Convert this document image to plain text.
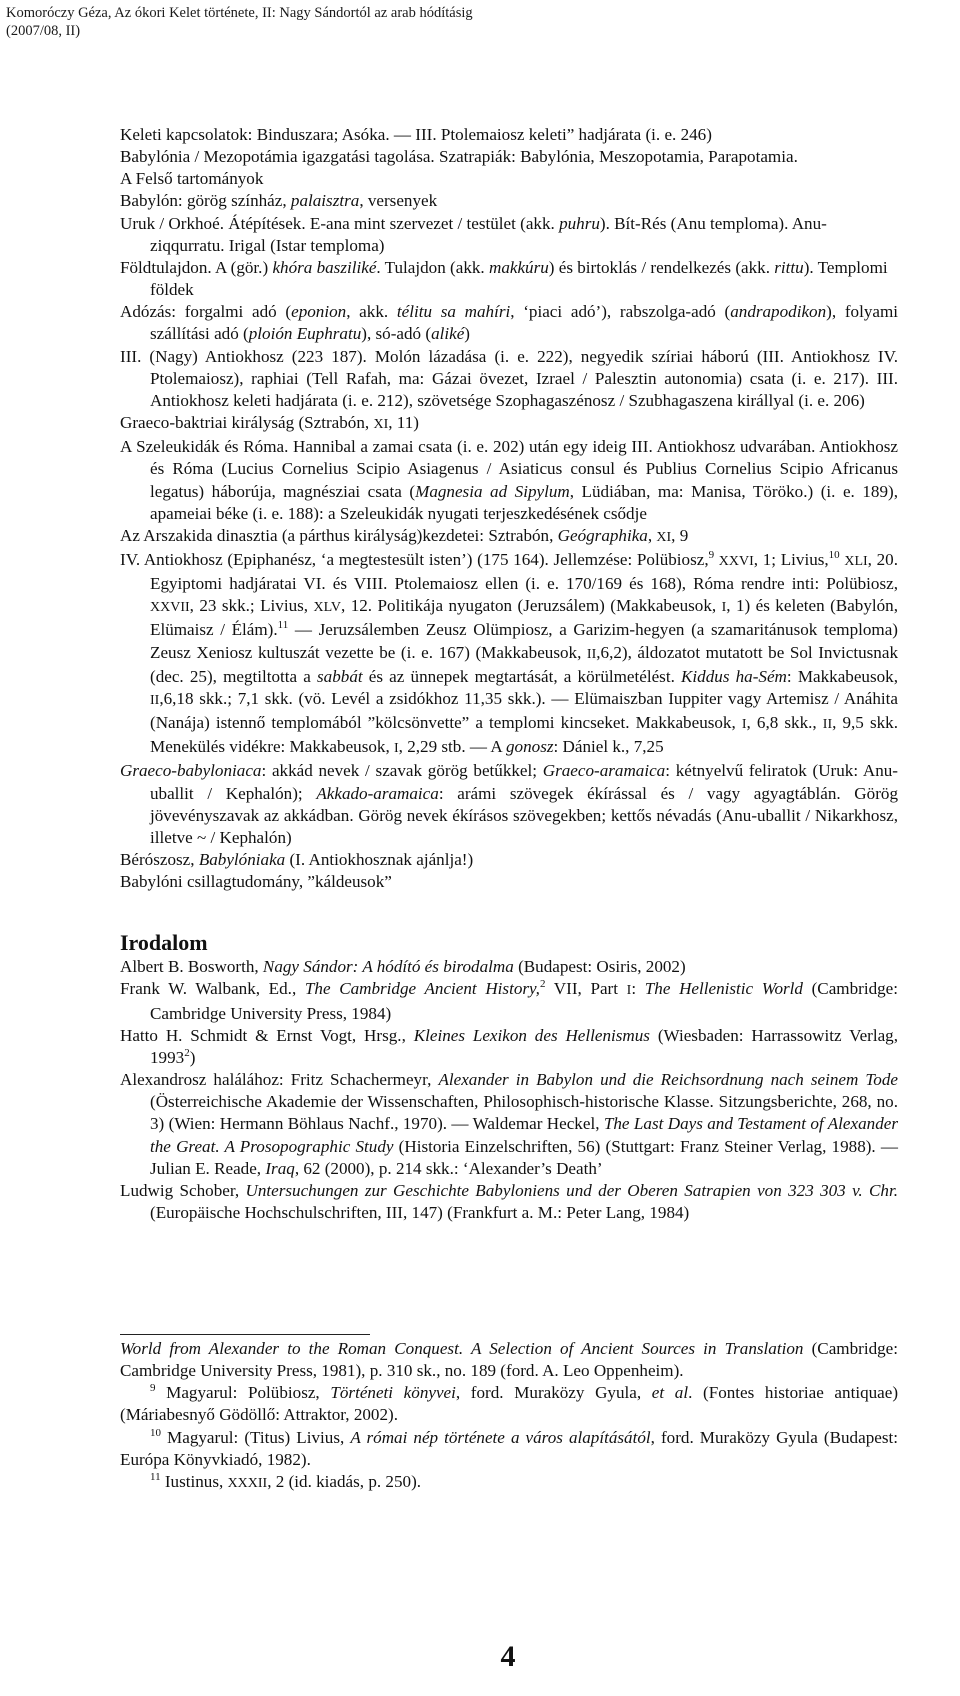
Komoróczy Géza, Az ókori Kelet története, II: Nagy Sándortól az arab hódításig
(2007/08, II)

Keleti kapcsolatok: Binduszara; Asóka. — III. Ptolemaiosz keleti” hadjárata (i. e. 246)

Babylónia / Mezopotámia igazgatási tagolása. Szatrapiák: Babylónia, Meszopotamia, Parapotamia.

A Felső tartományok

Babylón: görög színház, palaisztra, versenyek

Uruk / Orkhoé. Átépítések. E-ana mint szervezet / testület (akk. puhru). Bít-Rés (Anu temploma). Anu-ziqqurratu. Irigal (Istar temploma)

Földtulajdon. A (gör.) khóra basziliké. Tulajdon (akk. makkúru) és birtoklás / rendelkezés (akk. rittu). Templomi földek

Adózás: forgalmi adó (eponion, akk. télitu sa mahíri, ‘piaci adó’), rabszolga-adó (andrapodikon), folyami szállítási adó (ploión Euphratu), só-adó (aliké)

III. (Nagy) Antiokhosz (223 187). Molón lázadása (i. e. 222), negyedik szíriai háború (III. Antiokhosz IV. Ptolemaiosz), raphiai (Tell Rafah, ma: Gázai övezet, Izrael / Palesztin autonomia) csata (i. e. 217). III. Antiokhosz keleti hadjárata (i. e. 212), szövetsége Szophagaszénosz / Szubhagaszena királlyal (i. e. 206)

Graeco-baktriai királyság (Sztrabón, XI, 11)

A Szeleukidák és Róma. Hannibal a zamai csata (i. e. 202) után egy ideig III. Antiokhosz udvarában. Antiokhosz és Róma (Lucius Cornelius Scipio Asiagenus / Asiaticus consul és Publius Cornelius Scipio Africanus legatus) háborúja, magnésziai csata (Magnesia ad Sipylum, Lüdiában, ma: Manisa, Töröko.) (i. e. 189), apameiai béke (i. e. 188): a Szeleukidák nyugati terjeszkedésének csődje

Az Arszakida dinasztia (a párthus királyság)kezdetei: Sztrabón, Geógraphika, XI, 9

IV. Antiokhosz (Epiphanész, ‘a megtestesült isten’) (175 164). Jellemzése: Polübiosz,$^9$ XXVI, 1; Livius,$^{10}$ XLI, 20. Egyiptomi hadjáratai VI. és VIII. Ptolemaiosz ellen (i. e. 170/169 és 168), Róma rendre inti: Polübiosz, XXVII, 23 skk.; Livius, XLV, 12. Politikája nyugaton (Jeruzsálem) (Makkabeusok, I, 1) és keleten (Babylón, Elümaisz / Élám).$^{11}$ — Jeruzsálemben Zeusz Olümpiosz, a Garizim-hegyen (a szamaritánusok temploma) Zeusz Xeniosz kultuszát vezette be (i. e. 167) (Makkabeusok, II,6,2), áldozatot mutatott be Sol Invictusnak (dec. 25), megtiltotta a sabbát és az ünnepek megtartását, a körülmetélést. Kiddus ha-Sém: Makkabeusok, II,6,18 skk.; 7,1 skk. (vö. Levél a zsidókhoz 11,35 skk.). — Elümaiszban Iuppiter vagy Artemisz / Anáhita (Nanája) istennő templomából ”kölcsönvette” a templomi kincseket. Makkabeusok, I, 6,8 skk., II, 9,5 skk. Menekülés vidékre: Makkabeusok, I, 2,29 stb. — A gonosz: Dániel k., 7,25

Graeco-babyloniaca: akkád nevek / szavak görög betűkkel; Graeco-aramaica: kétnyelvű feliratok (Uruk: Anu-uballit / Kephalón); Akkado-aramaica: arámi szövegek ékírással és / vagy agyagtáblán. Görög jövevényszavak az akkádban. Görög nevek ékírásos szövegekben; kettős névadás (Anu-uballit / Nikarkhosz, illetve ~ / Kephalón)

Bérószosz, Babylóniaka (I. Antiokhosznak ajánlja!)

Babylóni csillagtudomány, ”káldeusok”

Irodalom

Albert B. Bosworth, Nagy Sándor: A hódító és birodalma (Budapest: Osiris, 2002)

Frank W. Walbank, Ed., The Cambridge Ancient History,$^2$ VII, Part I: The Hellenistic World (Cambridge: Cambridge University Press, 1984)

Hatto H. Schmidt & Ernst Vogt, Hrsg., Kleines Lexikon des Hellenismus (Wiesbaden: Harrassowitz Verlag, 1993$^2$)

Alexandrosz halálához: Fritz Schachermeyr, Alexander in Babylon und die Reichsordnung nach seinem Tode (Österreichische Akademie der Wissenschaften, Philosophisch-historische Klasse. Sitzungsberichte, 268, no. 3) (Wien: Hermann Böhlaus Nachf., 1970). — Waldemar Heckel, The Last Days and Testament of Alexander the Great. A Prosopographic Study (Historia Einzelschriften, 56) (Stuttgart: Franz Steiner Verlag, 1988). — Julian E. Reade, Iraq, 62 (2000), p. 214 skk.: ‘Alexander’s Death’

Ludwig Schober, Untersuchungen zur Geschichte Babyloniens und der Oberen Satrapien von 323 303 v. Chr. (Europäische Hochschulschriften, III, 147) (Frankfurt a. M.: Peter Lang, 1984)

World from Alexander to the Roman Conquest. A Selection of Ancient Sources in Translation (Cambridge: Cambridge University Press, 1981), p. 310 sk., no. 189 (ford. A. Leo Oppenheim).

$^9$ Magyarul: Polübiosz, Történeti könyvei, ford. Muraközy Gyula, et al. (Fontes historiae antiquae) (Máriabesnyő Gödöllő: Attraktor, 2002).

$^{10}$ Magyarul: (Titus) Livius, A római nép története a város alapításától, ford. Muraközy Gyula (Budapest: Európa Könyvkiadó, 1982).

$^{11}$ Iustinus, XXXII, 2 (id. kiadás, p. 250).

4
